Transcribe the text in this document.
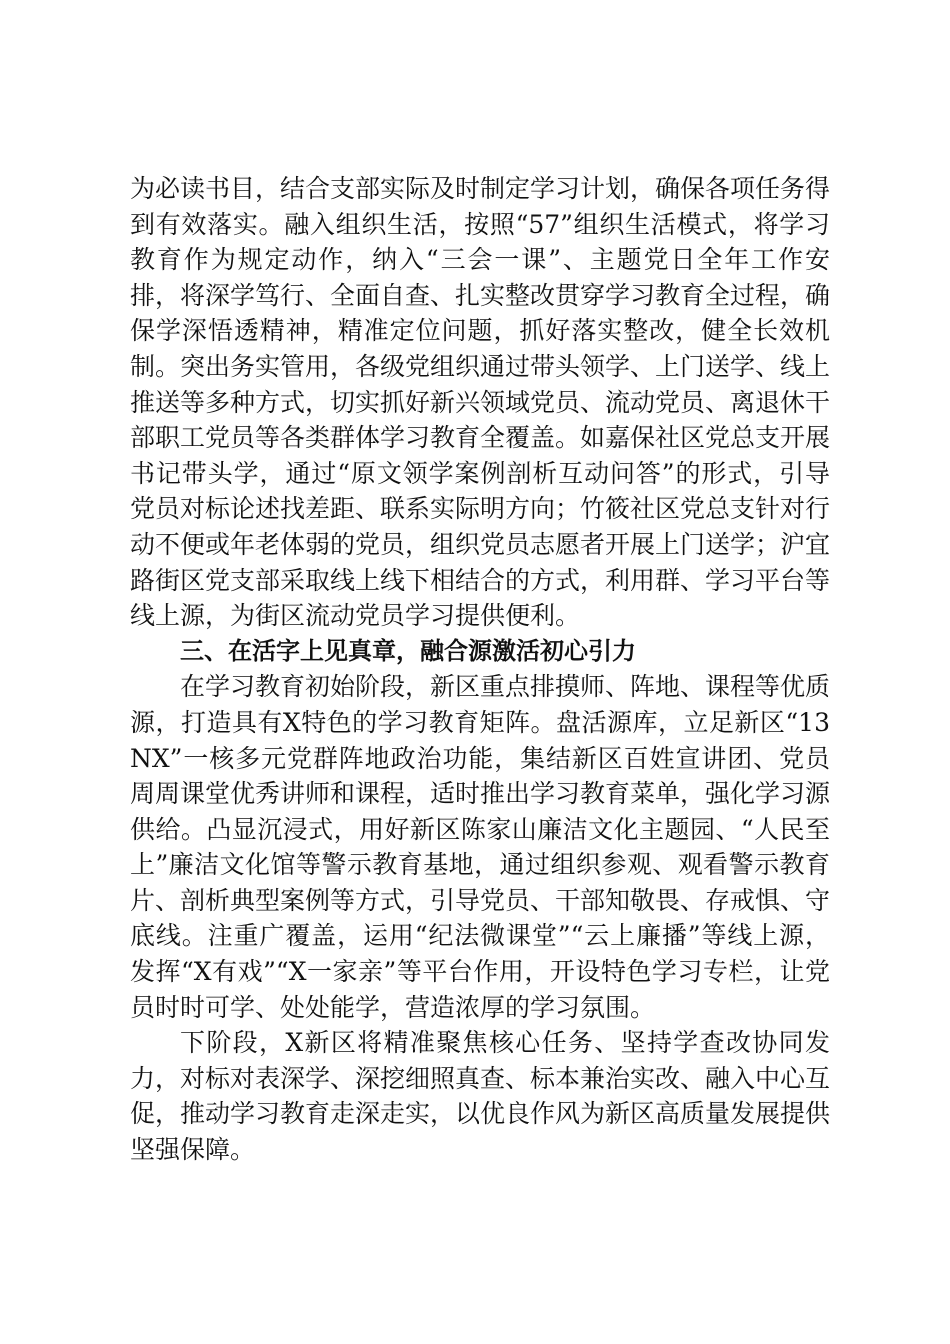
为必读书目，结合支部实际及时制定学习计划，确保各项任务得到有效落实。融入组织生活，按照“57”组织生活模式，将学习教育作为规定动作，纳入“三会一课”、主题党日全年工作安排，将深学笃行、全面自查、扎实整改贯穿学习教育全过程，确保学深悟透精神，精准定位问题，抓好落实整改，健全长效机制。突出务实管用，各级党组织通过带头领学、上门送学、线上推送等多种方式，切实抓好新兴领域党员、流动党员、离退休干部职工党员等各类群体学习教育全覆盖。如嘉保社区党总支开展书记带头学，通过“原文领学案例剖析互动问答”的形式，引导党员对标论述找差距、联系实际明方向；竹筱社区党总支针对行动不便或年老体弱的党员，组织党员志愿者开展上门送学；沪宜路街区党支部采取线上线下相结合的方式，利用群、学习平台等线上源，为街区流动党员学习提供便利。

三、在活字上见真章，融合源激活初心引力

在学习教育初始阶段，新区重点排摸师、阵地、课程等优质源，打造具有X特色的学习教育矩阵。盘活源库，立足新区“13NX”一核多元党群阵地政治功能，集结新区百姓宣讲团、党员周周课堂优秀讲师和课程，适时推出学习教育菜单，强化学习源供给。凸显沉浸式，用好新区陈家山廉洁文化主题园、“人民至上”廉洁文化馆等警示教育基地，通过组织参观、观看警示教育片、剖析典型案例等方式，引导党员、干部知敬畏、存戒惧、守底线。注重广覆盖，运用“纪法微课堂”“云上廉播”等线上源，发挥“X有戏”“X一家亲”等平台作用，开设特色学习专栏，让党员时时可学、处处能学，营造浓厚的学习氛围。

下阶段，X新区将精准聚焦核心任务、坚持学查改协同发力，对标对表深学、深挖细照真查、标本兼治实改、融入中心互促，推动学习教育走深走实，以优良作风为新区高质量发展提供坚强保障。
